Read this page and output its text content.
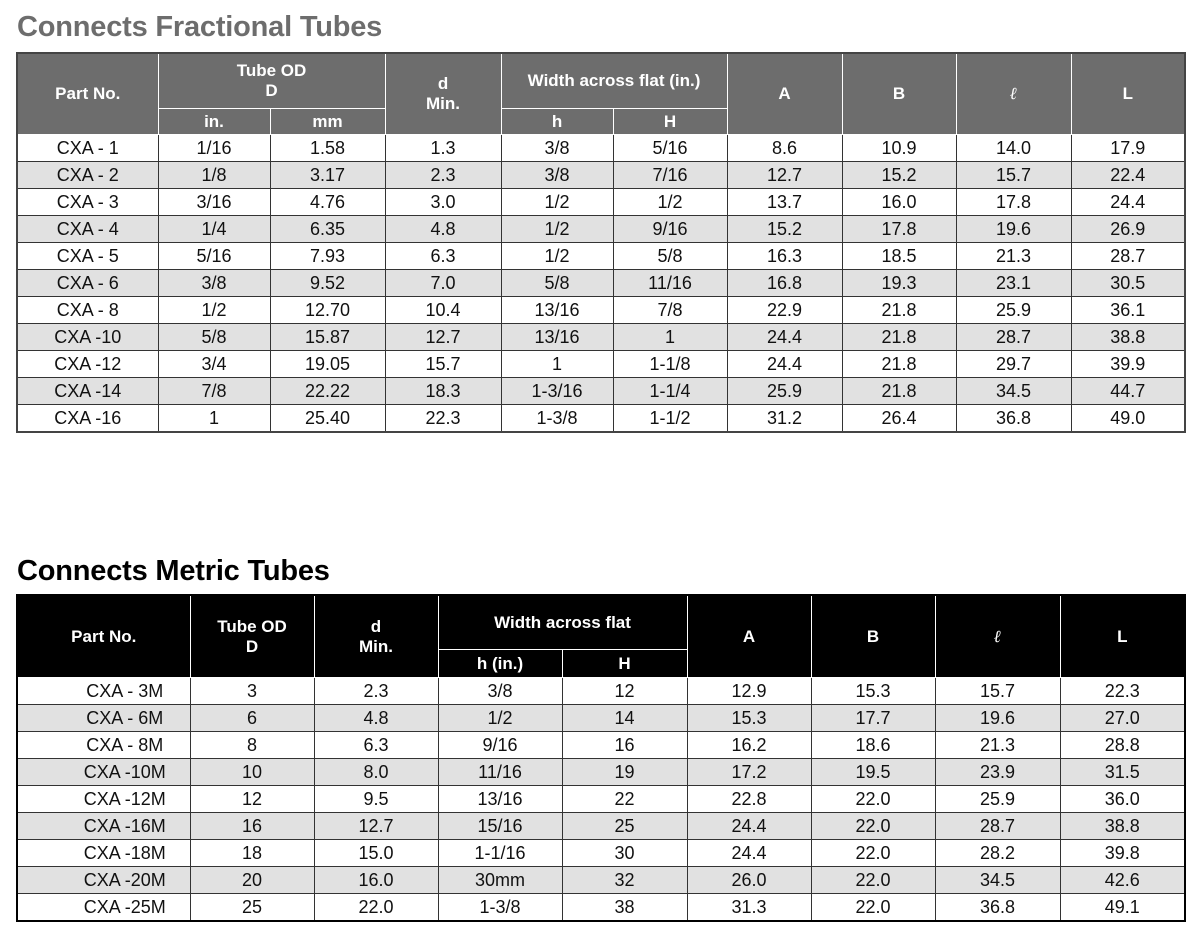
Connects Fractional Tubes
Part No.	Tube OD
D		d
Min.	Width across flat (in.)		A	B	ℓ	L
	in.	mm		h	H				
CXA - 1	1/16	1.58	1.3	3/8	5/16	8.6	10.9	14.0	17.9
CXA - 2	1/8	3.17	2.3	3/8	7/16	12.7	15.2	15.7	22.4
CXA - 3	3/16	4.76	3.0	1/2	1/2	13.7	16.0	17.8	24.4
CXA - 4	1/4	6.35	4.8	1/2	9/16	15.2	17.8	19.6	26.9
CXA - 5	5/16	7.93	6.3	1/2	5/8	16.3	18.5	21.3	28.7
CXA - 6	3/8	9.52	7.0	5/8	11/16	16.8	19.3	23.1	30.5
CXA - 8	1/2	12.70	10.4	13/16	7/8	22.9	21.8	25.9	36.1
CXA -10	5/8	15.87	12.7	13/16	1	24.4	21.8	28.7	38.8
CXA -12	3/4	19.05	15.7	1	1-1/8	24.4	21.8	29.7	39.9
CXA -14	7/8	22.22	18.3	1-3/16	1-1/4	25.9	21.8	34.5	44.7
CXA -16	1	25.40	22.3	1-3/8	1-1/2	31.2	26.4	36.8	49.0
Connects Metric Tubes
Part No.	Tube OD
D	d
Min.	Width across flat		A	B	ℓ	L
			h (in.)	H				
CXA - 3M	3	2.3	3/8	12	12.9	15.3	15.7	22.3
CXA - 6M	6	4.8	1/2	14	15.3	17.7	19.6	27.0
CXA - 8M	8	6.3	9/16	16	16.2	18.6	21.3	28.8
CXA -10M	10	8.0	11/16	19	17.2	19.5	23.9	31.5
CXA -12M	12	9.5	13/16	22	22.8	22.0	25.9	36.0
CXA -16M	16	12.7	15/16	25	24.4	22.0	28.7	38.8
CXA -18M	18	15.0	1-1/16	30	24.4	22.0	28.2	39.8
CXA -20M	20	16.0	30mm	32	26.0	22.0	34.5	42.6
CXA -25M	25	22.0	1-3/8	38	31.3	22.0	36.8	49.1
